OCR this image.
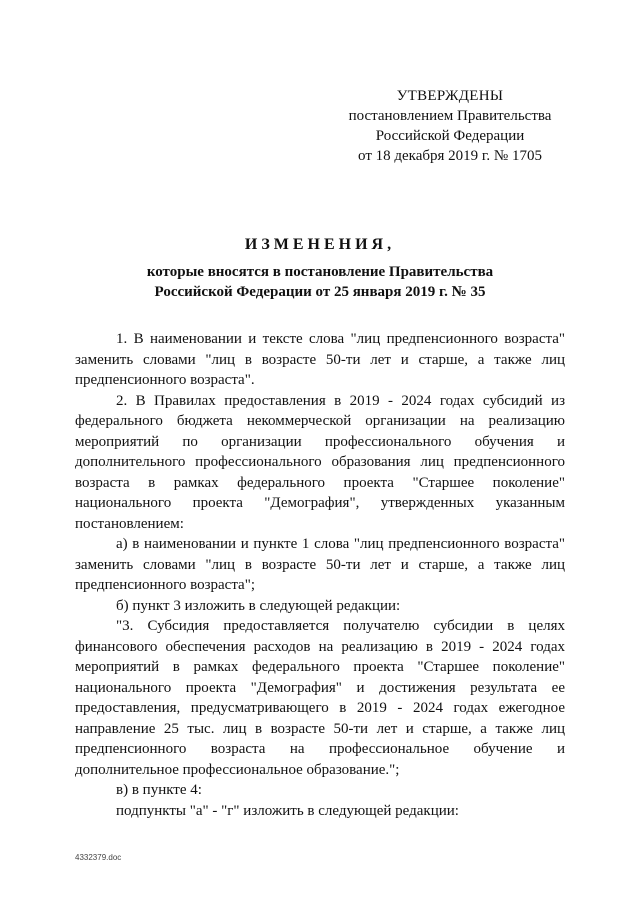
УТВЕРЖДЕНЫ
постановлением Правительства
Российской Федерации
от 18 декабря 2019 г. № 1705
ИЗМЕНЕНИЯ,
которые вносятся в постановление Правительства
Российской Федерации от 25 января 2019 г. № 35

1. В наименовании и тексте слова "лиц предпенсионного возраста" заменить словами "лиц в возрасте 50-ти лет и старше, а также лиц предпенсионного возраста".

2. В Правилах предоставления в 2019 - 2024 годах субсидий из федерального бюджета некоммерческой организации на реализацию мероприятий по организации профессионального обучения и дополнительного профессионального образования лиц предпенсионного возраста в рамках федерального проекта "Старшее поколение" национального проекта "Демография", утвержденных указанным постановлением:

а) в наименовании и пункте 1 слова "лиц предпенсионного возраста" заменить словами "лиц в возрасте 50-ти лет и старше, а также лиц предпенсионного возраста";

б) пункт 3 изложить в следующей редакции:

"3. Субсидия предоставляется получателю субсидии в целях финансового обеспечения расходов на реализацию в 2019 - 2024 годах мероприятий в рамках федерального проекта "Старшее поколение" национального проекта "Демография" и достижения результата ее предоставления, предусматривающего в 2019 - 2024 годах ежегодное направление 25 тыс. лиц в возрасте 50-ти лет и старше, а также лиц предпенсионного возраста на профессиональное обучение и дополнительное профессиональное образование.";

в) в пункте 4:

подпункты "а" - "г" изложить в следующей редакции:

4332379.doc
